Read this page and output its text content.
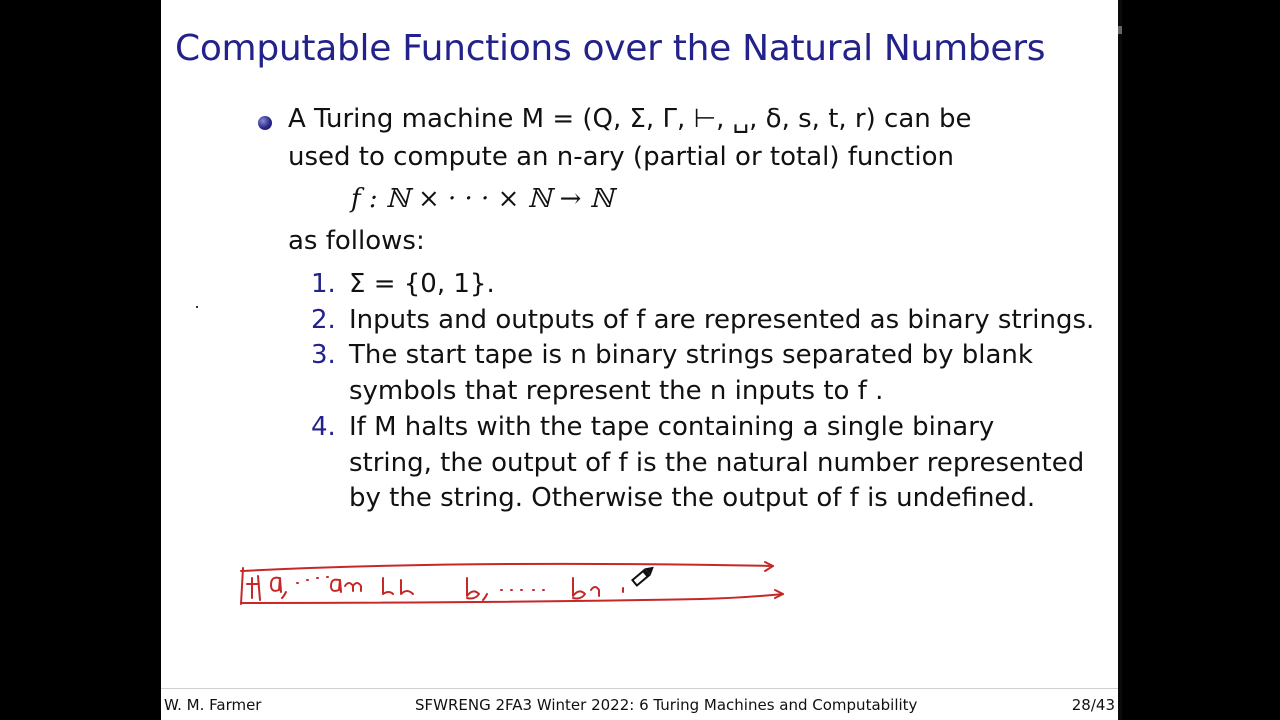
Computable Functions over the Natural Numbers
A Turing machine M = (Q, Σ, Γ, ⊢, ␣, δ, s, t, r) can be
used to compute an n-ary (partial or total) function
f : ℕ × · · · × ℕ → ℕ
as follows:
1. Σ = {0, 1}.
2. Inputs and outputs of f are represented as binary strings.
3. The start tape is n binary strings separated by blank
symbols that represent the n inputs to f .
4. If M halts with the tape containing a single binary
string, the output of f is the natural number represented
by the string. Otherwise the output of f is undefined.
W. M. Farmer	SFWRENG 2FA3 Winter 2022: 6 Turing Machines and Computability	28/43
